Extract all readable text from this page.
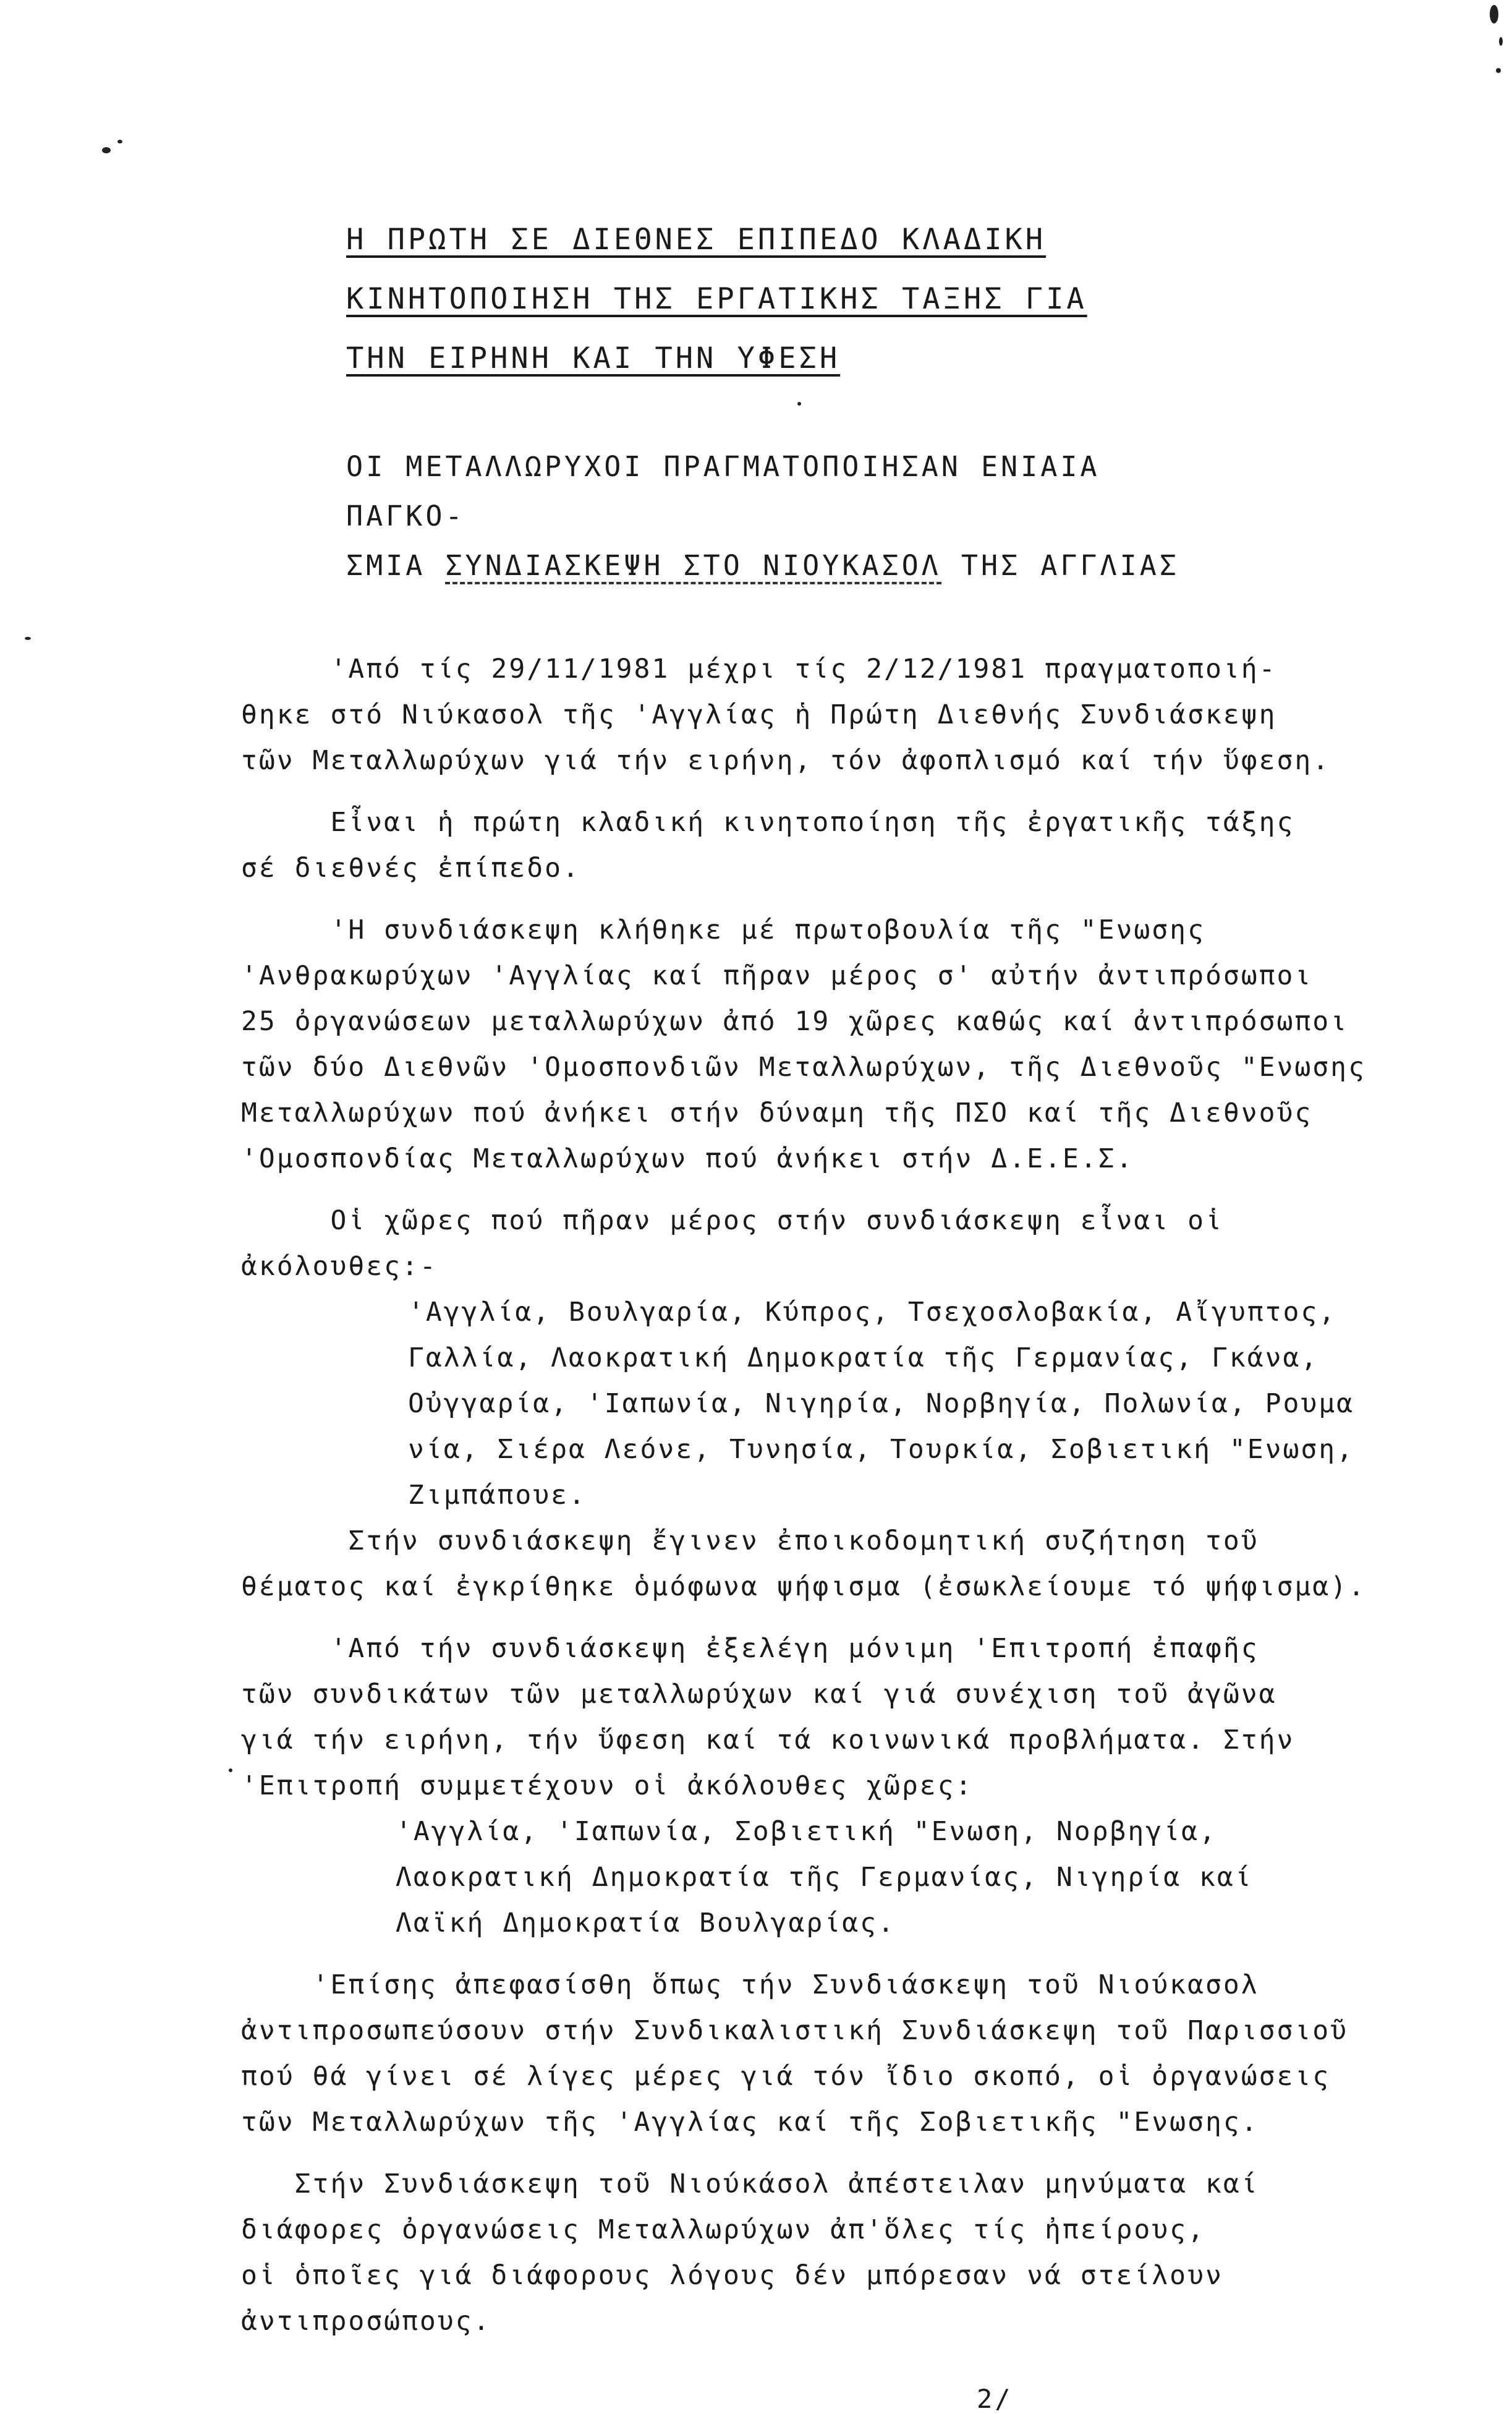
Η ΠΡΩΤΗ ΣΕ ΔΙΕΘΝΕΣ ΕΠΙΠΕΔΟ ΚΛΑΔΙΚΗ
ΚΙΝΗΤΟΠΟΙΗΣΗ ΤΗΣ ΕΡΓΑΤΙΚΗΣ ΤΑΞΗΣ ΓΙΑ
ΤΗΝ ΕΙΡΗΝΗ ΚΑΙ ΤΗΝ ΥΦΕΣΗ
ΟΙ ΜΕΤΑΛΛΩΡΥΧΟΙ ΠΡΑΓΜΑΤΟΠΟΙΗΣΑΝ ΕΝΙΑΙΑ ΠΑΓΚΟ-
ΣΜΙΑ ΣΥΝΔΙΑΣΚΕΨΗ ΣΤΟ ΝΙΟΥΚΑΣΟΛ ΤΗΣ ΑΓΓΛΙΑΣ
'Από τίς 29/11/1981 μέχρι τίς 2/12/1981 πραγματοποιή-
θηκε στό Νιύκασολ τῆς 'Αγγλίας ἡ Πρώτη Διεθνής Συνδιάσκεψη
τῶν Μεταλλωρύχων γιά τήν ειρήνη, τόν ἀφοπλισμό καί τήν ὕφεση.
Εἶναι ἡ πρώτη κλαδική κινητοποίηση τῆς ἐργατικῆς τάξης
σέ διεθνές ἐπίπεδο.
'Η συνδιάσκεψη κλήθηκε μέ πρωτοβουλία τῆς "Ενωσης
'Ανθρακωρύχων 'Αγγλίας καί πῆραν μέρος σ' αὐτήν ἀντιπρόσωποι
25 ὀργανώσεων μεταλλωρύχων ἀπό 19 χῶρες καθώς καί ἀντιπρόσωποι
τῶν δύο Διεθνῶν 'Ομοσπονδιῶν Μεταλλωρύχων, τῆς Διεθνοῦς "Ενωσης
Μεταλλωρύχων πού ἀνήκει στήν δύναμη τῆς ΠΣΟ καί τῆς Διεθνοῦς
'Ομοσπονδίας Μεταλλωρύχων πού ἀνήκει στήν Δ.Ε.Ε.Σ.
Οἱ χῶρες πού πῆραν μέρος στήν συνδιάσκεψη εἶναι οἱ
ἀκόλουθες:-
'Αγγλία, Βουλγαρία, Κύπρος, Τσεχοσλοβακία, Αἴγυπτος,
Γαλλία, Λαοκρατική Δημοκρατία τῆς Γερμανίας, Γκάνα,
Οὐγγαρία, 'Ιαπωνία, Νιγηρία, Νορβηγία, Πολωνία, Ρουμα
νία, Σιέρα Λεόνε, Τυνησία, Τουρκία, Σοβιετική "Ενωση,
Ζιμπάπουε.
Στήν συνδιάσκεψη ἔγινεν ἐποικοδομητική συζήτηση τοῦ
θέματος καί ἐγκρίθηκε ὁμόφωνα ψήφισμα (ἐσωκλείουμε τό ψήφισμα).
'Από τήν συνδιάσκεψη ἐξελέγη μόνιμη 'Επιτροπή ἐπαφῆς
τῶν συνδικάτων τῶν μεταλλωρύχων καί γιά συνέχιση τοῦ ἀγῶνα
γιά τήν ειρήνη, τήν ὕφεση καί τά κοινωνικά προβλήματα. Στήν
'Επιτροπή συμμετέχουν οἱ ἀκόλουθες χῶρες:
'Αγγλία, 'Ιαπωνία, Σοβιετική "Ενωση, Νορβηγία,
Λαοκρατική Δημοκρατία τῆς Γερμανίας, Νιγηρία καί
Λαϊκή Δημοκρατία Βουλγαρίας.
'Επίσης ἀπεφασίσθη ὅπως τήν Συνδιάσκεψη τοῦ Νιούκασολ
ἀντιπροσωπεύσουν στήν Συνδικαλιστική Συνδιάσκεψη τοῦ Παρισσιοῦ
πού θά γίνει σέ λίγες μέρες γιά τόν ἴδιο σκοπό, οἱ ὀργανώσεις
τῶν Μεταλλωρύχων τῆς 'Αγγλίας καί τῆς Σοβιετικῆς "Ενωσης.
Στήν Συνδιάσκεψη τοῦ Νιούκάσολ ἀπέστειλαν μηνύματα καί
διάφορες ὀργανώσεις Μεταλλωρύχων ἀπ'ὅλες τίς ἠπείρους,
οἱ ὁποῖες γιά διάφορους λόγους δέν μπόρεσαν νά στείλουν
ἀντιπροσώπους.
2/
